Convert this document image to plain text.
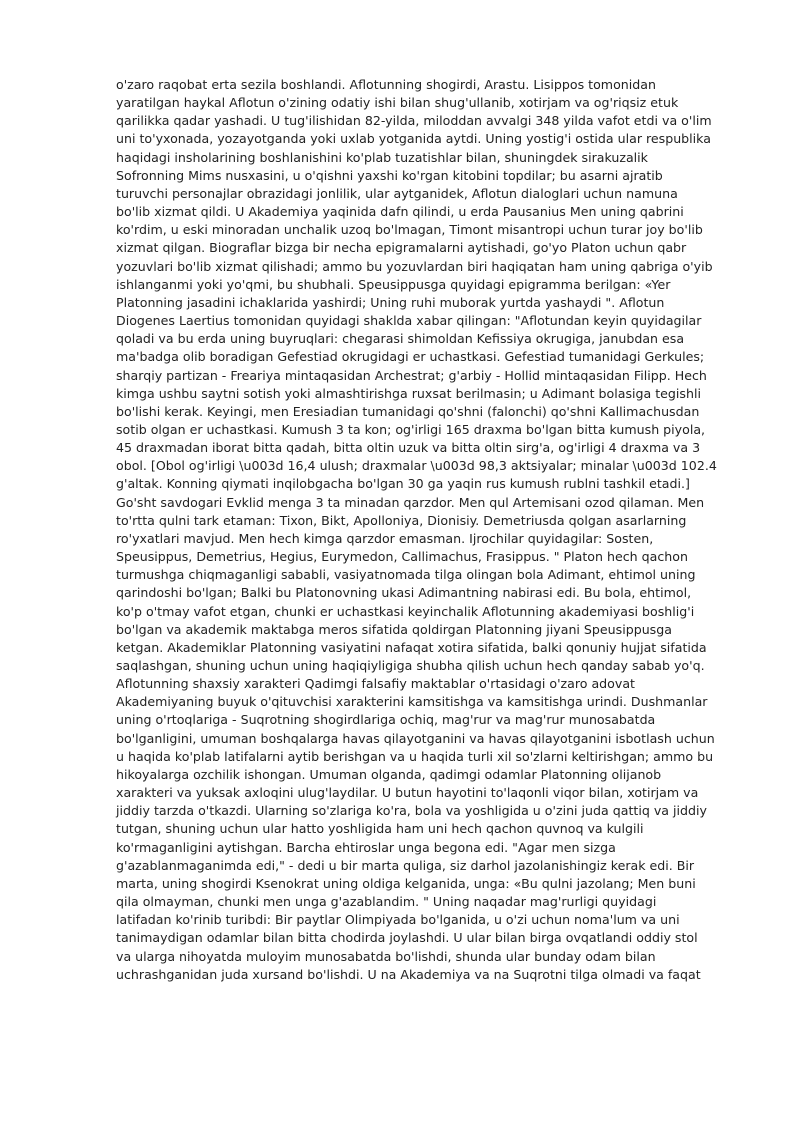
o'zaro raqobat erta sezila boshlandi. Aflotunning shogirdi, Arastu. Lisippos tomonidan
yaratilgan haykal Aflotun o'zining odatiy ishi bilan shug'ullanib, xotirjam va og'riqsiz etuk
qarilikka qadar yashadi. U tug'ilishidan 82-yilda, miloddan avvalgi 348 yilda vafot etdi va o'lim
uni to'yxonada, yozayotganda yoki uxlab yotganida aytdi. Uning yostig'i ostida ular respublika
haqidagi insholarining boshlanishini ko'plab tuzatishlar bilan, shuningdek sirakuzalik
Sofronning Mims nusxasini, u o'qishni yaxshi ko'rgan kitobini topdilar; bu asarni ajratib
turuvchi personajlar obrazidagi jonlilik, ular aytganidek, Aflotun dialoglari uchun namuna
bo'lib xizmat qildi. U Akademiya yaqinida dafn qilindi, u erda Pausanius Men uning qabrini
ko'rdim, u eski minoradan unchalik uzoq bo'lmagan, Timont misantropi uchun turar joy bo'lib
xizmat qilgan. Biograflar bizga bir necha epigramalarni aytishadi, go'yo Platon uchun qabr
yozuvlari bo'lib xizmat qilishadi; ammo bu yozuvlardan biri haqiqatan ham uning qabriga o'yib
ishlanganmi yoki yo'qmi, bu shubhali. Speusippusga quyidagi epigramma berilgan: «Yer
Platonning jasadini ichaklarida yashirdi; Uning ruhi muborak yurtda yashaydi ". Aflotun
Diogenes Laertius tomonidan quyidagi shaklda xabar qilingan: "Aflotundan keyin quyidagilar
qoladi va bu erda uning buyruqlari: chegarasi shimoldan Kefissiya okrugiga, janubdan esa
ma'badga olib boradigan Gefestiad okrugidagi er uchastkasi. Gefestiad tumanidagi Gerkules;
sharqiy partizan - Freariya mintaqasidan Archestrat; g'arbiy - Hollid mintaqasidan Filipp. Hech
kimga ushbu saytni sotish yoki almashtirishga ruxsat berilmasin; u Adimant bolasiga tegishli
bo'lishi kerak. Keyingi, men Eresiadian tumanidagi qo'shni (falonchi) qo'shni Kallimachusdan
sotib olgan er uchastkasi. Kumush 3 ta kon; og'irligi 165 draxma bo'lgan bitta kumush piyola,
45 draxmadan iborat bitta qadah, bitta oltin uzuk va bitta oltin sirg'a, og'irligi 4 draxma va 3
obol. [Obol og'irligi \u003d 16,4 ulush; draxmalar \u003d 98,3 aktsiyalar; minalar \u003d 102.4
g'altak. Konning qiymati inqilobgacha bo'lgan 30 ga yaqin rus kumush rublni tashkil etadi.]
Go'sht savdogari Evklid menga 3 ta minadan qarzdor. Men qul Artemisani ozod qilaman. Men
to'rtta qulni tark etaman: Tixon, Bikt, Apolloniya, Dionisiy. Demetriusda qolgan asarlarning
ro'yxatlari mavjud. Men hech kimga qarzdor emasman. Ijrochilar quyidagilar: Sosten,
Speusippus, Demetrius, Hegius, Eurymedon, Callimachus, Frasippus. " Platon hech qachon
turmushga chiqmaganligi sababli, vasiyatnomada tilga olingan bola Adimant, ehtimol uning
qarindoshi bo'lgan; Balki bu Platonovning ukasi Adimantning nabirasi edi. Bu bola, ehtimol,
ko'p o'tmay vafot etgan, chunki er uchastkasi keyinchalik Aflotunning akademiyasi boshlig'i
bo'lgan va akademik maktabga meros sifatida qoldirgan Platonning jiyani Speusippusga
ketgan. Akademiklar Platonning vasiyatini nafaqat xotira sifatida, balki qonuniy hujjat sifatida
saqlashgan, shuning uchun uning haqiqiyligiga shubha qilish uchun hech qanday sabab yo'q.
Aflotunning shaxsiy xarakteri Qadimgi falsafiy maktablar o'rtasidagi o'zaro adovat
Akademiyaning buyuk o'qituvchisi xarakterini kamsitishga va kamsitishga urindi. Dushmanlar
uning o'rtoqlariga - Suqrotning shogirdlariga ochiq, mag'rur va mag'rur munosabatda
bo'lganligini, umuman boshqalarga havas qilayotganini va havas qilayotganini isbotlash uchun
u haqida ko'plab latifalarni aytib berishgan va u haqida turli xil so'zlarni keltirishgan; ammo bu
hikoyalarga ozchilik ishongan. Umuman olganda, qadimgi odamlar Platonning olijanob
xarakteri va yuksak axloqini ulug'laydilar. U butun hayotini to'laqonli viqor bilan, xotirjam va
jiddiy tarzda o'tkazdi. Ularning so'zlariga ko'ra, bola va yoshligida u o'zini juda qattiq va jiddiy
tutgan, shuning uchun ular hatto yoshligida ham uni hech qachon quvnoq va kulgili
ko'rmaganligini aytishgan. Barcha ehtiroslar unga begona edi. "Agar men sizga
g'azablanmaganimda edi," - dedi u bir marta quliga, siz darhol jazolanishingiz kerak edi. Bir
marta, uning shogirdi Ksenokrat uning oldiga kelganida, unga: «Bu qulni jazolang; Men buni
qila olmayman, chunki men unga g'azablandim. " Uning naqadar mag'rurligi quyidagi
latifadan ko'rinib turibdi: Bir paytlar Olimpiyada bo'lganida, u o'zi uchun noma'lum va uni
tanimaydigan odamlar bilan bitta chodirda joylashdi. U ular bilan birga ovqatlandi oddiy stol
va ularga nihoyatda muloyim munosabatda bo'lishdi, shunda ular bunday odam bilan
uchrashganidan juda xursand bo'lishdi. U na Akademiya va na Suqrotni tilga olmadi va faqat
